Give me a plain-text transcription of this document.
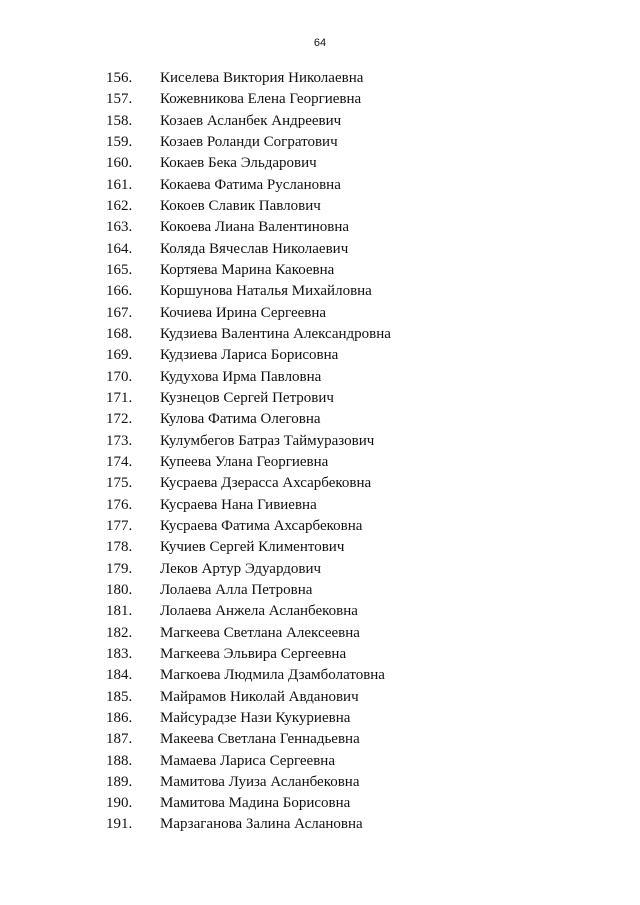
64
156. Киселева Виктория Николаевна
157. Кожевникова Елена Георгиевна
158. Козаев Асланбек Андреевич
159. Козаев Роланди Согратович
160. Кокаев Бека Эльдарович
161. Кокаева Фатима Руслановна
162. Кокоев Славик Павлович
163. Кокоева Лиана Валентиновна
164. Коляда Вячеслав Николаевич
165. Кортяева Марина Какоевна
166. Коршунова Наталья Михайловна
167. Кочиева Ирина Сергеевна
168. Кудзиева Валентина Александровна
169. Кудзиева Лариса Борисовна
170. Кудухова Ирма Павловна
171. Кузнецов Сергей Петрович
172. Кулова Фатима Олеговна
173. Кулумбегов Батраз Таймуразович
174. Купеева Улана Георгиевна
175. Кусраева Дзерасса Ахсарбековна
176. Кусраева Нана Гивиевна
177. Кусраева Фатима Ахсарбековна
178. Кучиев Сергей Климентович
179. Леков Артур Эдуардович
180. Лолаева Алла Петровна
181. Лолаева Анжела Асланбековна
182. Магкеева Светлана Алексеевна
183. Магкеева Эльвира Сергеевна
184. Магкоева Людмила Дзамболатовна
185. Майрамов Николай Авданович
186. Майсурадзе Нази Кукуриевна
187. Макеева Светлана Геннадьевна
188. Мамаева Лариса Сергеевна
189. Мамитова Луиза Асланбековна
190. Мамитова Мадина Борисовна
191. Марзаганова Залина Аслановна
